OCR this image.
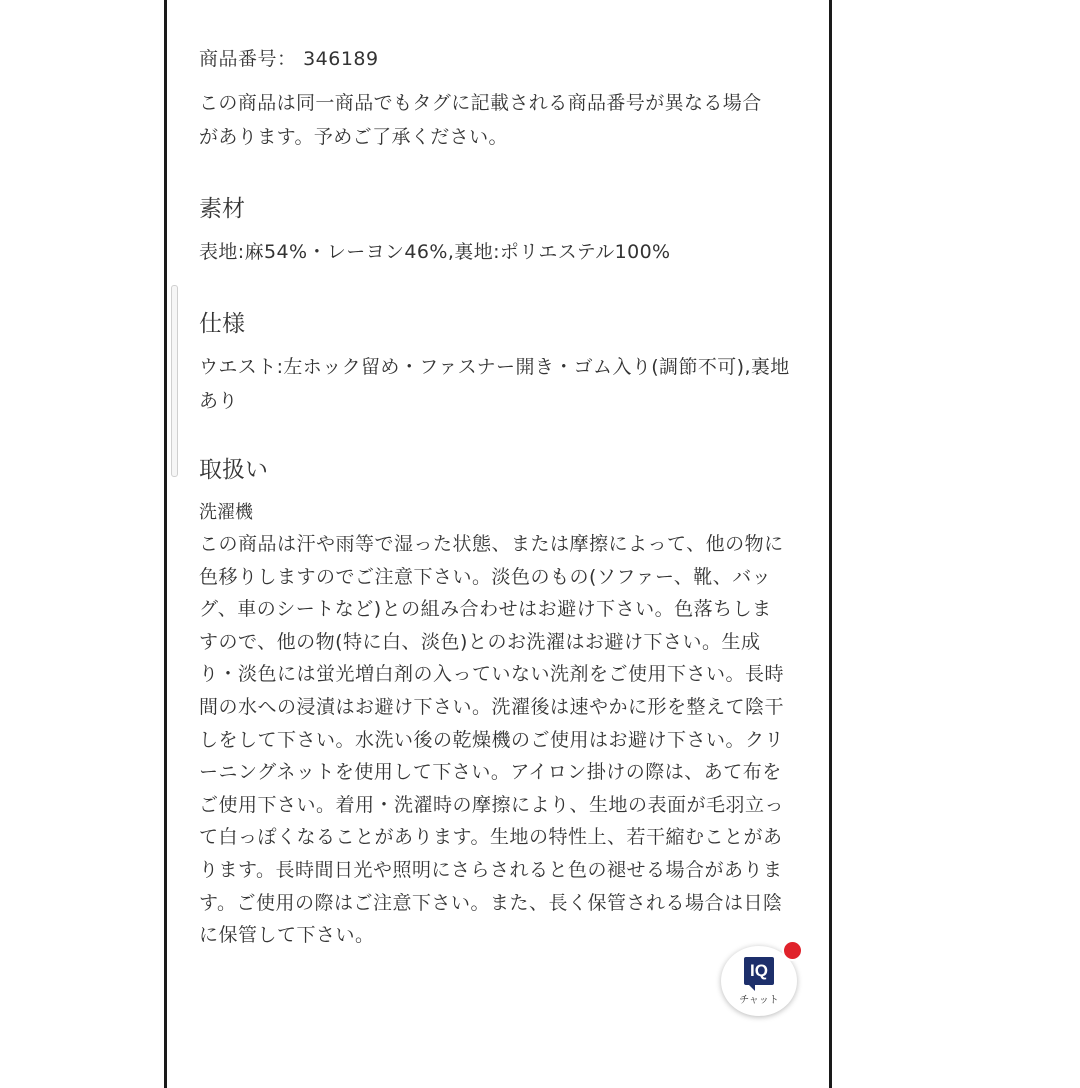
商品番号： 346189
この商品は同一商品でもタグに記載される商品番号が異なる場合があります。予めご了承ください。
素材
表地:麻54%・レーヨン46%,裏地:ポリエステル100%
仕様
ウエスト:左ホック留め・ファスナー開き・ゴム入り(調節不可),裏地あり
取扱い
洗濯機
この商品は汗や雨等で湿った状態、または摩擦によって、他の物に色移りしますのでご注意下さい。淡色のもの(ソファー、靴、バッグ、車のシートなど)との組み合わせはお避け下さい。色落ちしますので、他の物(特に白、淡色)とのお洗濯はお避け下さい。生成り・淡色には蛍光増白剤の入っていない洗剤をご使用下さい。長時間の水への浸漬はお避け下さい。洗濯後は速やかに形を整えて陰干しをして下さい。水洗い後の乾燥機のご使用はお避け下さい。クリーニングネットを使用して下さい。アイロン掛けの際は、あて布をご使用下さい。着用・洗濯時の摩擦により、生地の表面が毛羽立って白っぽくなることがあります。生地の特性上、若干縮むことがあります。長時間日光や照明にさらされると色の褪せる場合があります。ご使用の際はご注意下さい。また、長く保管される場合は日陰に保管して下さい。
IQ
チャット
